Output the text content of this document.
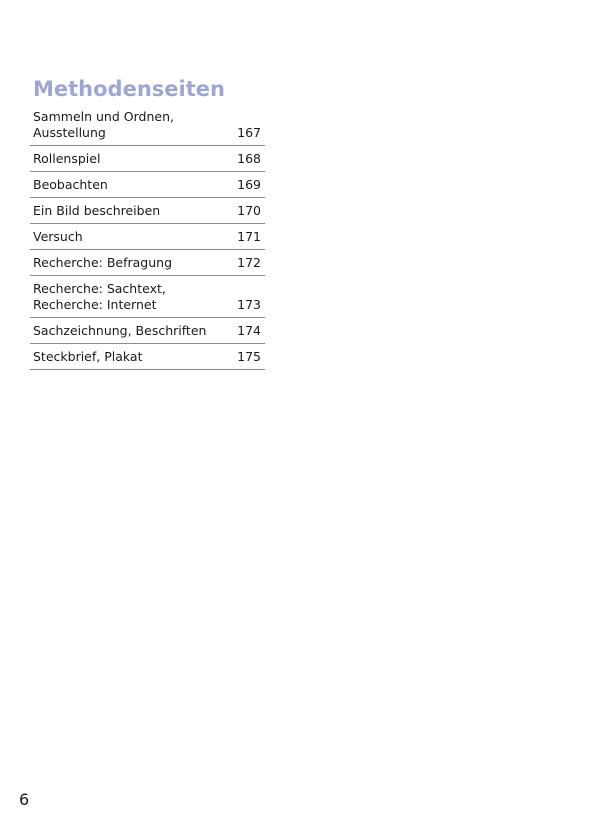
Methodenseiten
Sammeln und Ordnen,
Ausstellung	167
Rollenspiel	168
Beobachten	169
Ein Bild beschreiben	170
Versuch	171
Recherche: Befragung	172
Recherche: Sachtext,
Recherche: Internet	173
Sachzeichnung, Beschriften	174
Steckbrief, Plakat	175
6
